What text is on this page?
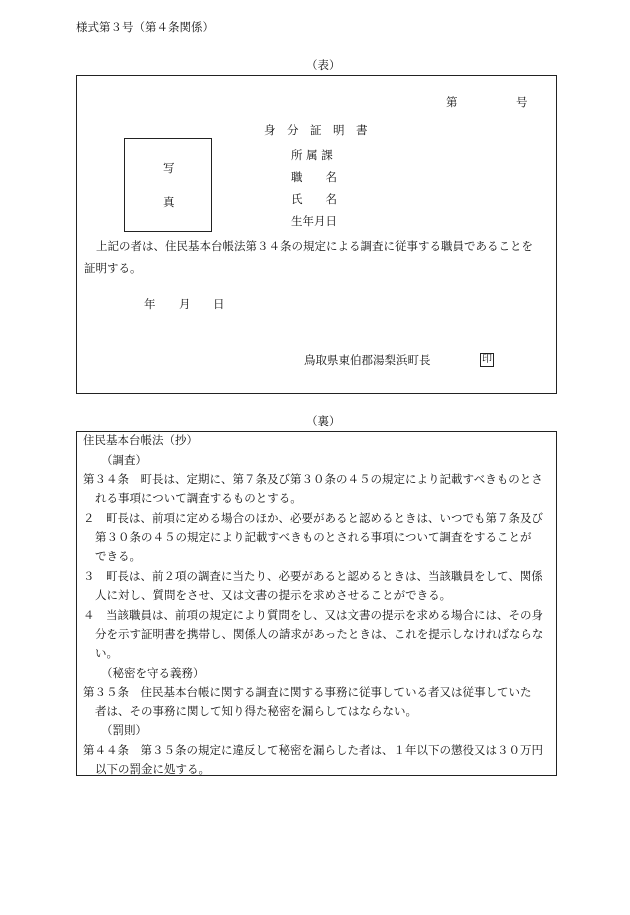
様式第３号（第４条関係）
（表）
第	号
身　分　証　明　書
写
真
所 属 課
職　　名
氏　　名
生年月日
上記の者は、住民基本台帳法第３４条の規定による調査に従事する職員であることを
証明する。
年 月 日
鳥取県東伯郡湯梨浜町長	印
（裏）
住民基本台帳法（抄）
（調査）
第３４条　町長は、定期に、第７条及び第３０条の４５の規定により記載すべきものとさ
れる事項について調査するものとする。
２　町長は、前項に定める場合のほか、必要があると認めるときは、いつでも第７条及び
第３０条の４５の規定により記載すべきものとされる事項について調査をすることが
できる。
３　町長は、前２項の調査に当たり、必要があると認めるときは、当該職員をして、関係
人に対し、質問をさせ、又は文書の提示を求めさせることができる。
４　当該職員は、前項の規定により質問をし、又は文書の提示を求める場合には、その身
分を示す証明書を携帯し、関係人の請求があったときは、これを提示しなければならな
い。
（秘密を守る義務）
第３５条　住民基本台帳に関する調査に関する事務に従事している者又は従事していた
者は、その事務に関して知り得た秘密を漏らしてはならない。
（罰則）
第４４条　第３５条の規定に違反して秘密を漏らした者は、１年以下の懲役又は３０万円
以下の罰金に処する。
